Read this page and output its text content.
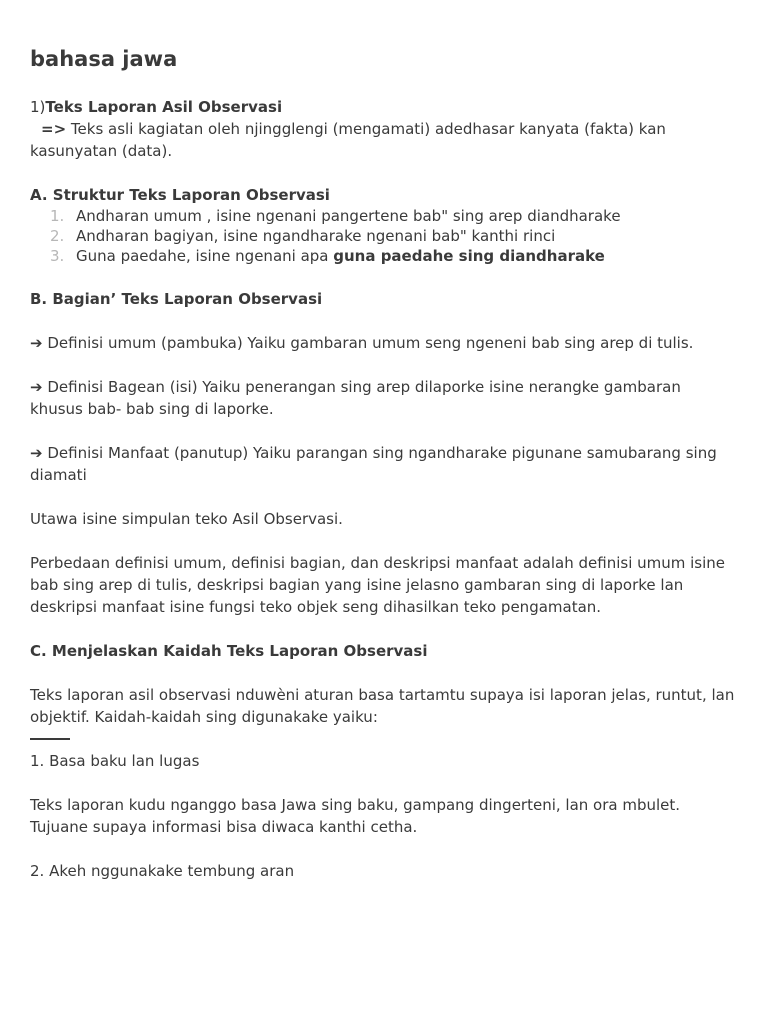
bahasa jawa

1)Teks Laporan Asil Observasi

=> Teks asli kagiatan oleh njingglengi (mengamati) adedhasar kanyata (fakta) kan kasunyatan (data).

A. Struktur Teks Laporan Observasi

1. Andharan umum , isine ngenani pangertene bab" sing arep diandharake
2. Andharan bagiyan, isine ngandharake ngenani bab" kanthi rinci
3. Guna paedahe, isine ngenani apa guna paedahe sing diandharake

B. Bagian’ Teks Laporan Observasi

➔ Definisi umum (pambuka) Yaiku gambaran umum seng ngeneni bab sing arep di tulis.

➔ Definisi Bagean (isi) Yaiku penerangan sing arep dilaporke isine nerangke gambaran khusus bab- bab sing di laporke.

➔ Definisi Manfaat (panutup) Yaiku parangan sing ngandharake pigunane samubarang sing diamati

Utawa isine simpulan teko Asil Observasi.

Perbedaan definisi umum, definisi bagian, dan deskripsi manfaat adalah definisi umum isine bab sing arep di tulis, deskripsi bagian yang isine jelasno gambaran sing di laporke lan deskripsi manfaat isine fungsi teko objek seng dihasilkan teko pengamatan.

C. Menjelaskan Kaidah Teks Laporan Observasi

Teks laporan asil observasi nduwèni aturan basa tartamtu supaya isi laporan jelas, runtut, lan objektif. Kaidah-kaidah sing digunakake yaiku:

1. Basa baku lan lugas

Teks laporan kudu nganggo basa Jawa sing baku, gampang dingerteni, lan ora mbulet. Tujuane supaya informasi bisa diwaca kanthi cetha.

2. Akeh nggunakake tembung aran
